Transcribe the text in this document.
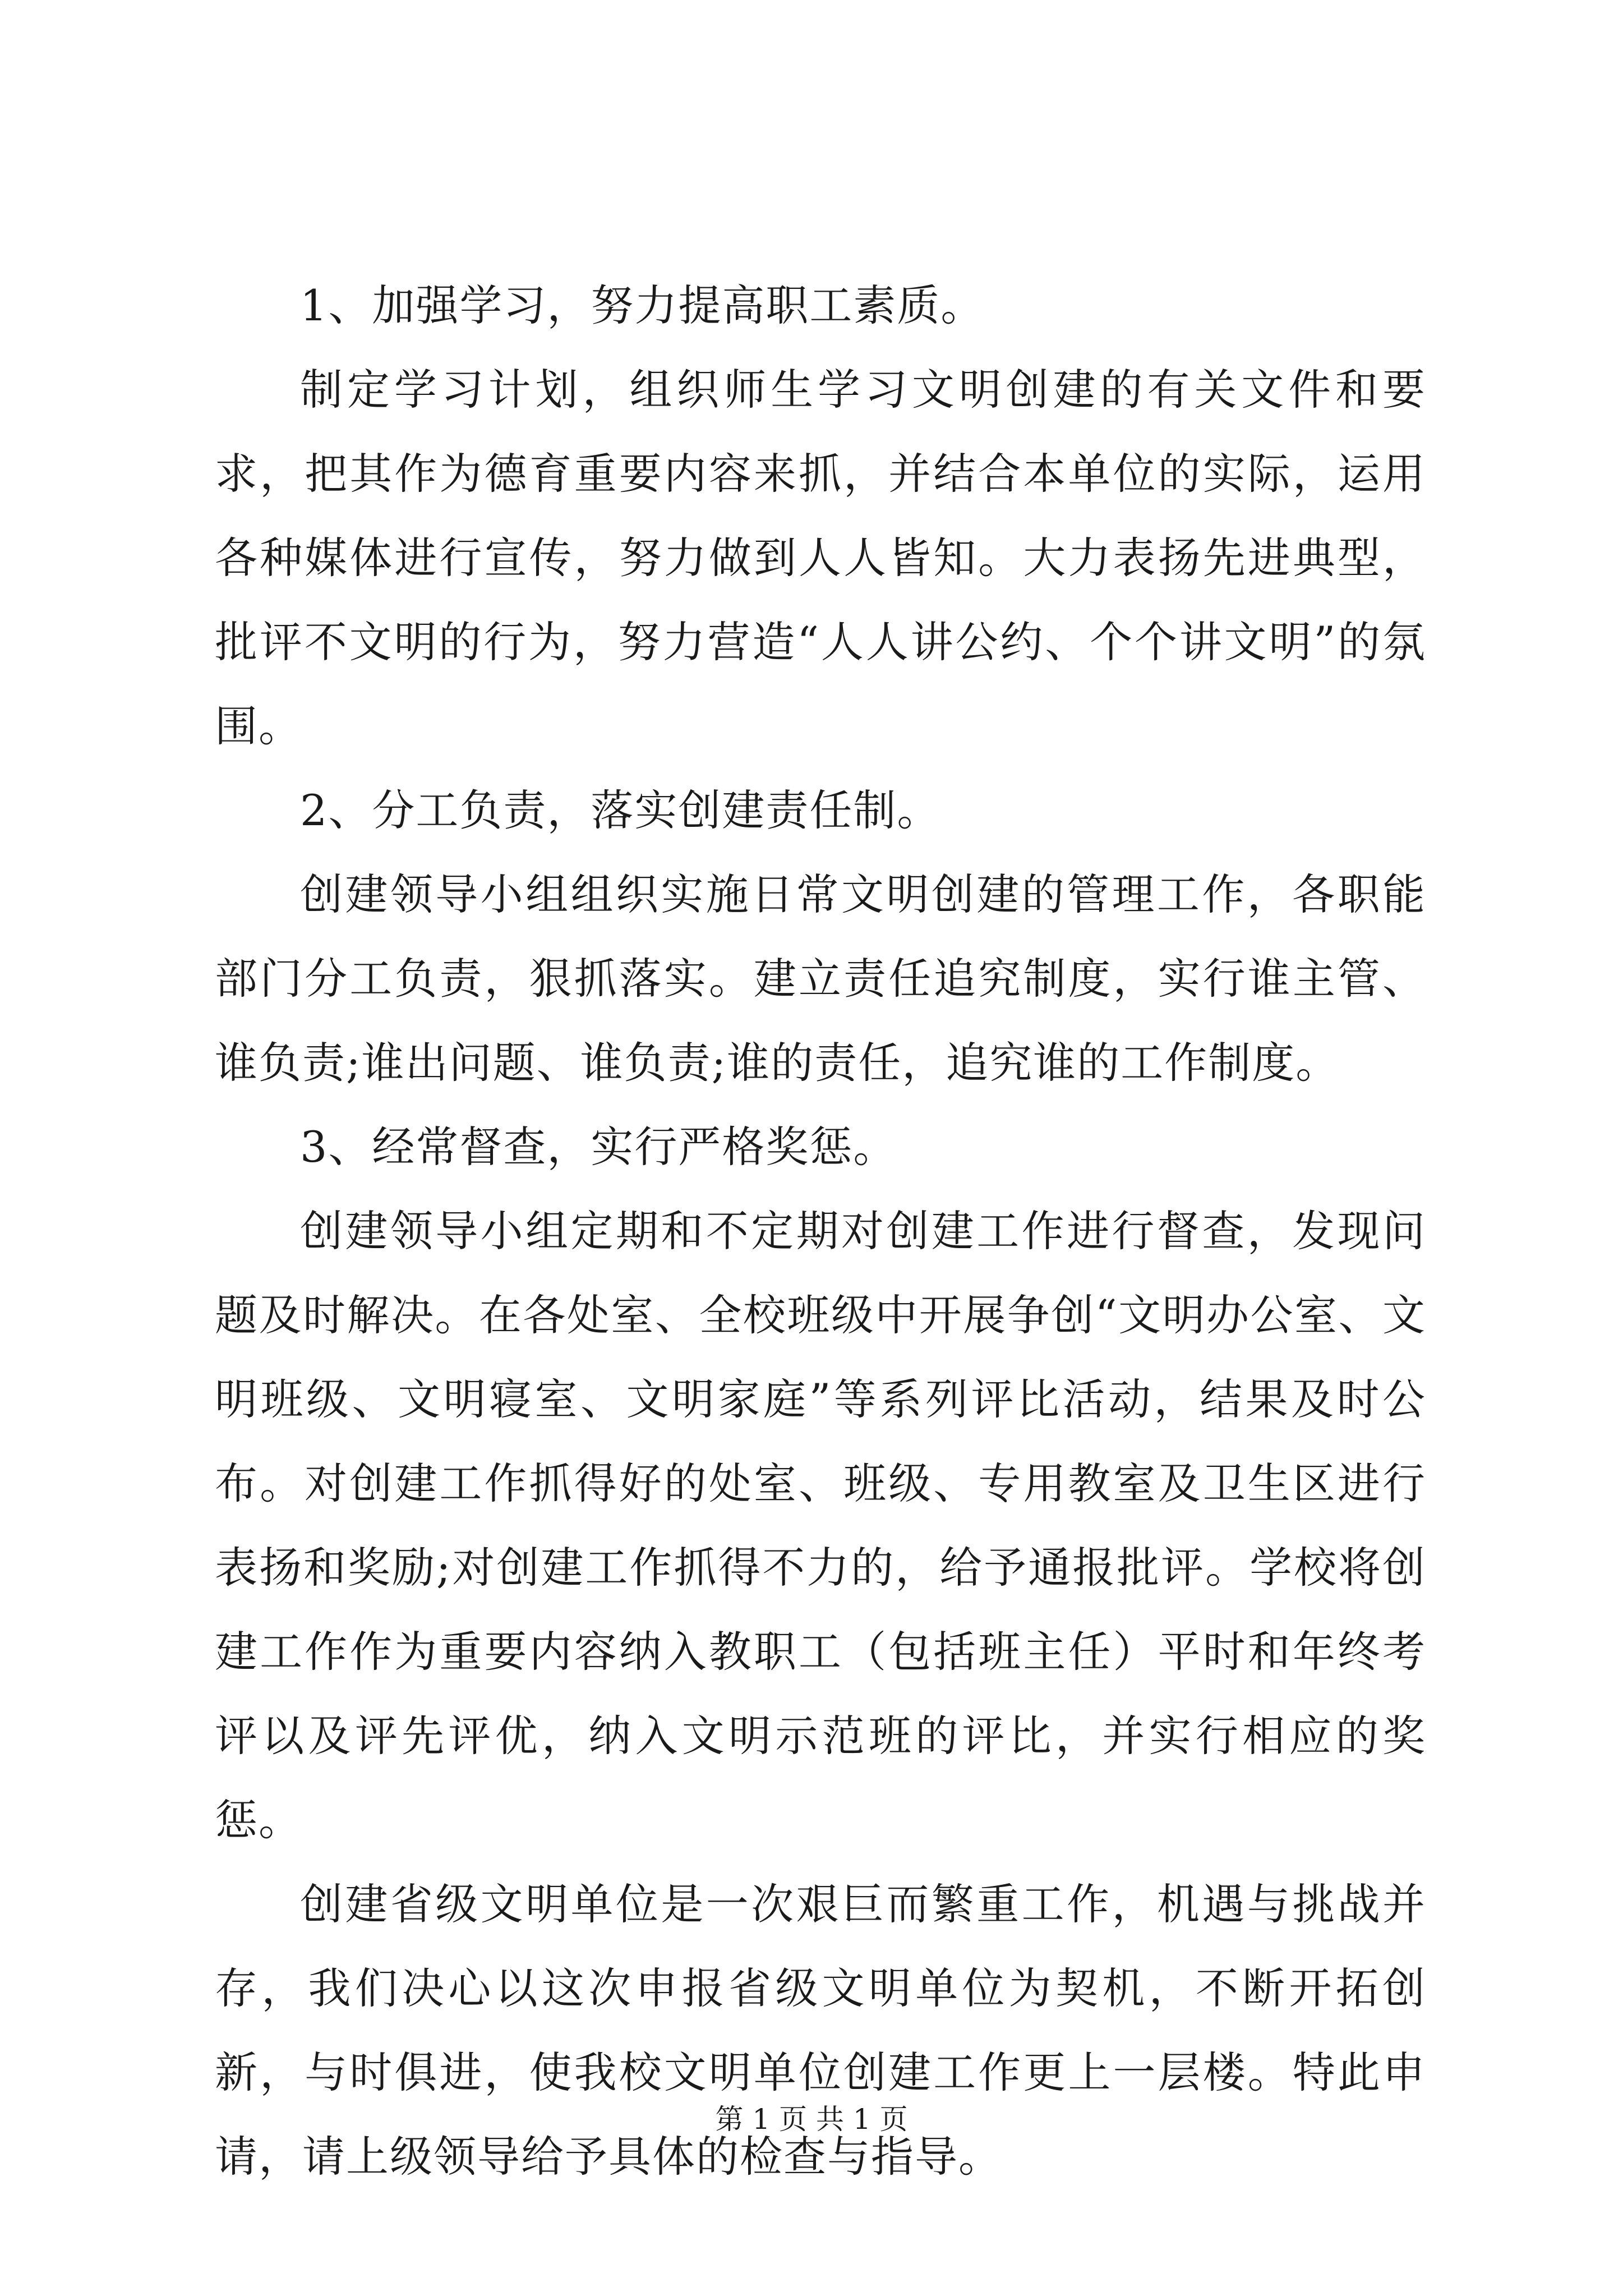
1、加强学习，努力提高职工素质。

制定学习计划，组织师生学习文明创建的有关文件和要求，把其作为德育重要内容来抓，并结合本单位的实际，运用各种媒体进行宣传，努力做到人人皆知。大力表扬先进典型，批评不文明的行为，努力营造“人人讲公约、个个讲文明”的氛围。

2、分工负责，落实创建责任制。

创建领导小组组织实施日常文明创建的管理工作，各职能部门分工负责，狠抓落实。建立责任追究制度，实行谁主管、谁负责;谁出问题、谁负责;谁的责任，追究谁的工作制度。

3、经常督查，实行严格奖惩。

创建领导小组定期和不定期对创建工作进行督查，发现问题及时解决。在各处室、全校班级中开展争创“文明办公室、文明班级、文明寝室、文明家庭”等系列评比活动，结果及时公布。对创建工作抓得好的处室、班级、专用教室及卫生区进行表扬和奖励;对创建工作抓得不力的，给予通报批评。学校将创建工作作为重要内容纳入教职工（包括班主任）平时和年终考评以及评先评优，纳入文明示范班的评比，并实行相应的奖惩。

创建省级文明单位是一次艰巨而繁重工作，机遇与挑战并存，我们决心以这次申报省级文明单位为契机，不断开拓创新，与时俱进，使我校文明单位创建工作更上一层楼。特此申请，请上级领导给予具体的检查与指导。

第 1 页 共 1 页
